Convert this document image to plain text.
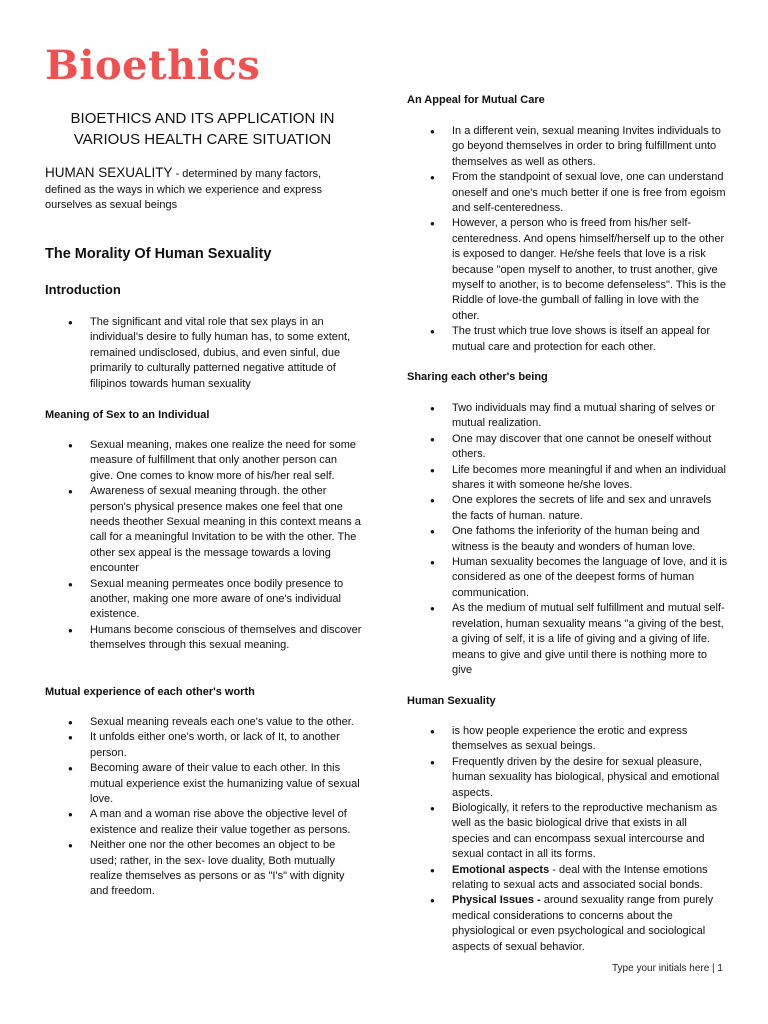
Bioethics
BIOETHICS AND ITS APPLICATION IN VARIOUS HEALTH CARE SITUATION
HUMAN SEXUALITY - determined by many factors, defined as the ways in which we experience and express ourselves as sexual beings
The Morality Of Human Sexuality
Introduction
● The significant and vital role that sex plays in an individual's desire to fully human has, to some extent, remained undisclosed, dubius, and even sinful, due primarily to culturally patterned negative attitude of filipinos towards human sexuality
Meaning of Sex to an Individual
● Sexual meaning, makes one realize the need for some measure of fulfillment that only another person can give. One comes to know more of his/her real self.
● Awareness of sexual meaning through. the other person's physical presence makes one feel that one needs theother Sexual meaning in this context means a call for a meaningful Invitation to be with the other. The other sex appeal is the message towards a loving encounter
● Sexual meaning permeates once bodily presence to another, making one more aware of one's individual existence.
● Humans become conscious of themselves and discover themselves through this sexual meaning.
Mutual experience of each other's worth
● Sexual meaning reveals each one's value to the other.
● It unfolds either one's worth, or lack of It, to another person.
● Becoming aware of their value to each other. In this mutual experience exist the humanizing value of sexual love.
● A man and a woman rise above the objective level of existence and realize their value together as persons.
● Neither one nor the other becomes an object to be used; rather, in the sex- love duality, Both mutually realize themselves as persons or as "I's" with dignity and freedom.
An Appeal for Mutual Care
● In a different vein, sexual meaning Invites individuals to go beyond themselves in order to bring fulfillment unto themselves as well as others.
● From the standpoint of sexual love, one can understand oneself and one's much better if one is free from egoism and self-centeredness.
● However, a person who is freed from his/her self-centeredness. And opens himself/herself up to the other is exposed to danger. He/she feels that love is a risk because "open myself to another, to trust another, give myself to another, is to become defenseless". This is the Riddle of love-the gumball of falling in love with the other.
● The trust which true love shows is itself an appeal for mutual care and protection for each other.
Sharing each other's being
● Two individuals may find a mutual sharing of selves or mutual realization.
● One may discover that one cannot be oneself without others.
● Life becomes more meaningful if and when an individual shares it with someone he/she loves.
● One explores the secrets of life and sex and unravels the facts of human. nature.
● One fathoms the inferiority of the human being and witness is the beauty and wonders of human love.
● Human sexuality becomes the language of love, and it is considered as one of the deepest forms of human communication.
● As the medium of mutual self fulfillment and mutual self-revelation, human sexuality means "a giving of the best, a giving of self, it is a life of giving and a giving of life. means to give and give until there is nothing more to give
Human Sexuality
● is how people experience the erotic and express themselves as sexual beings.
● Frequently driven by the desire for sexual pleasure, human sexuality has biological, physical and emotional aspects.
● Biologically, it refers to the reproductive mechanism as well as the basic biological drive that exists in all species and can encompass sexual intercourse and sexual contact in all its forms.
● Emotional aspects - deal with the Intense emotions relating to sexual acts and associated social bonds.
● Physical Issues - around sexuality range from purely medical considerations to concerns about the physiological or even psychological and sociological aspects of sexual behavior.
Type your initials here | 1
